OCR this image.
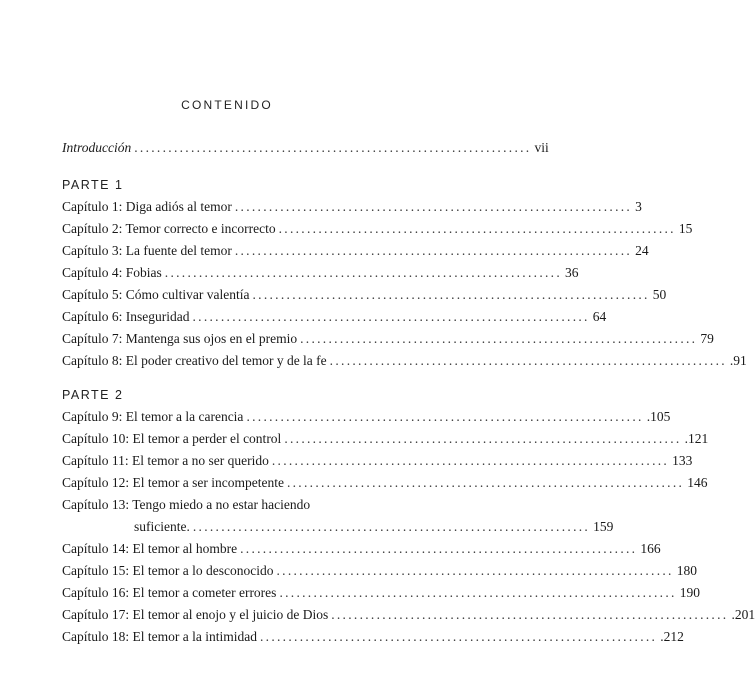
CONTENIDO
Introducción ...................................................................... vii
PARTE 1
Capítulo 1: Diga adiós al temor ...................................................................... 3
Capítulo 2: Temor correcto e incorrecto ...................................................................... 15
Capítulo 3: La fuente del temor ...................................................................... 24
Capítulo 4: Fobias ...................................................................... 36
Capítulo 5: Cómo cultivar valentía ...................................................................... 50
Capítulo 6: Inseguridad ...................................................................... 64
Capítulo 7: Mantenga sus ojos en el premio ...................................................................... 79
Capítulo 8: El poder creativo del temor y de la fe ...................................................................... .91
PARTE 2
Capítulo 9: El temor a la carencia ...................................................................... .105
Capítulo 10: El temor a perder el control ...................................................................... .121
Capítulo 11: El temor a no ser querido ...................................................................... 133
Capítulo 12: El temor a ser incompetente ...................................................................... 146
Capítulo 13: Tengo miedo a no estar haciendo
suficiente. ...................................................................... 159
Capítulo 14: El temor al hombre ...................................................................... 166
Capítulo 15: El temor a lo desconocido ...................................................................... 180
Capítulo 16: El temor a cometer errores ...................................................................... 190
Capítulo 17: El temor al enojo y el juicio de Dios ...................................................................... .201
Capítulo 18: El temor a la intimidad ...................................................................... .212
